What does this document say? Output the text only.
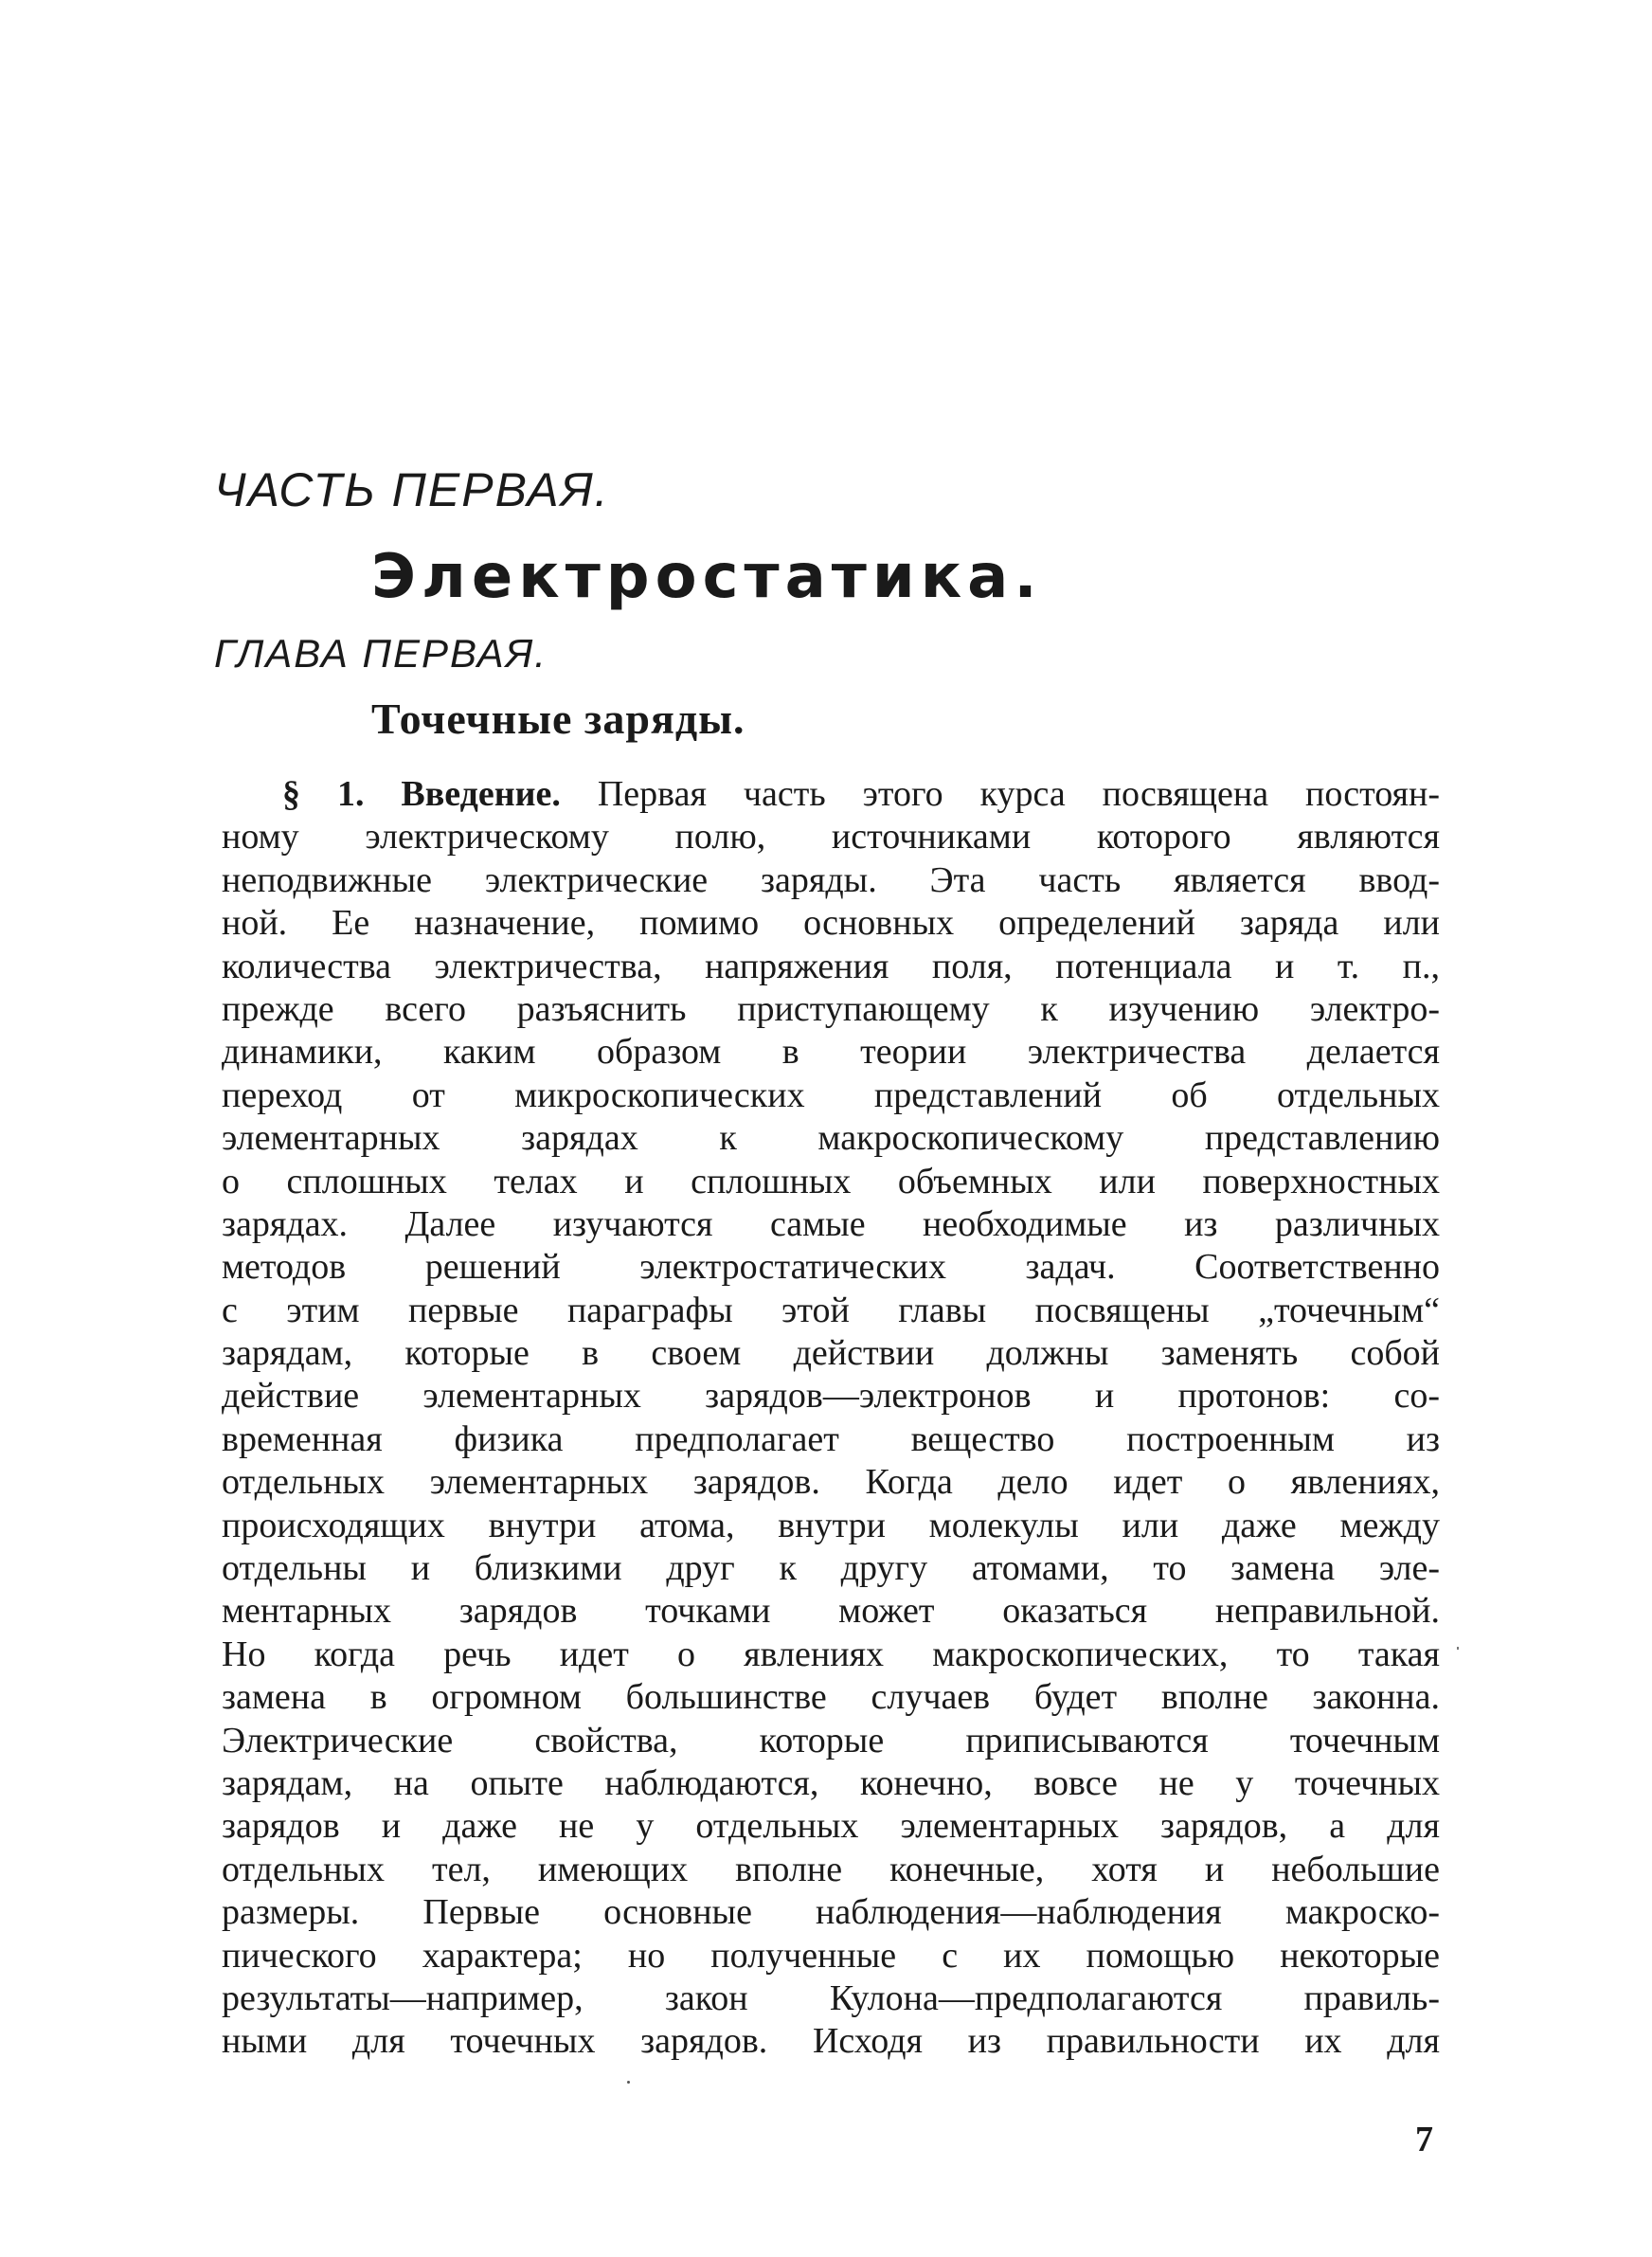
ЧАСТЬ ПЕРВАЯ.
Электростатика.
ГЛАВА ПЕРВАЯ.
Точечные заряды.
§ 1. Введение. Первая часть этого курса посвящена постоян-
ному электрическому полю, источниками которого являются
неподвижные электрические заряды. Эта часть является ввод-
ной. Ее назначение, помимо основных определений заряда или
количества электричества, напряжения поля, потенциала и т. п.,
прежде всего разъяснить приступающему к изучению электро-
динамики, каким образом в теории электричества делается
переход от микроскопических представлений об отдельных
элементарных зарядах к макроскопическому представлению
о сплошных телах и сплошных объемных или поверхностных
зарядах. Далее изучаются самые необходимые из различных
методов решений электростатических задач. Соответственно
с этим первые параграфы этой главы посвящены „точечным“
зарядам, которые в своем действии должны заменять собой
действие элементарных зарядов—электронов и протонов: со-
временная физика предполагает вещество построенным из
отдельных элементарных зарядов. Когда дело идет о явлениях,
происходящих внутри атома, внутри молекулы или даже между
отдельны и близкими друг к другу атомами, то замена эле-
ментарных зарядов точками может оказаться неправильной.
Но когда речь идет о явлениях макроскопических, то такая
замена в огромном большинстве случаев будет вполне законна.
Электрические свойства, которые приписываются точечным
зарядам, на опыте наблюдаются, конечно, вовсе не у точечных
зарядов и даже не у отдельных элементарных зарядов, а для
отдельных тел, имеющих вполне конечные, хотя и небольшие
размеры. Первые основные наблюдения—наблюдения макроско-
пического характера; но полученные с их помощью некоторые
результаты—например, закон Кулона—предполагаются правиль-
ными для точечных зарядов. Исходя из правильности их для
7
